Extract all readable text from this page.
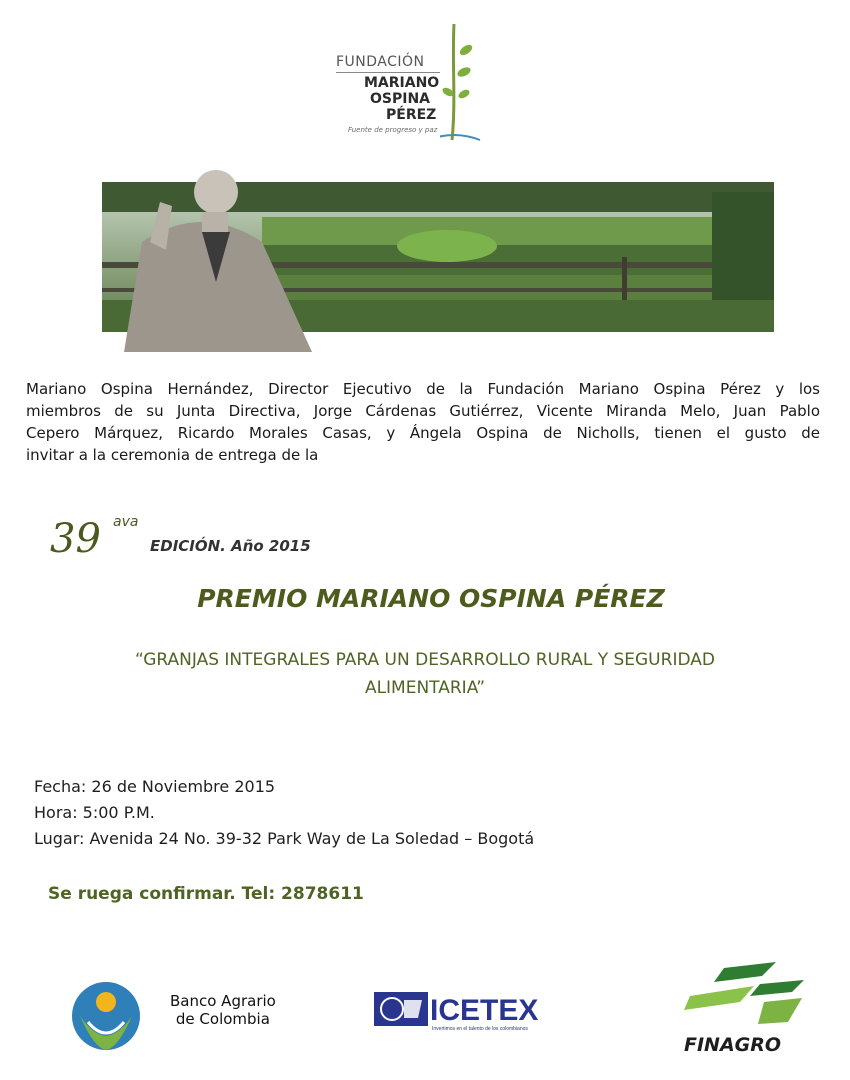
FUNDACIÓN
MARIANO
OSPINA
PÉREZ
Fuente de progreso y paz
Mariano Ospina Hernández, Director Ejecutivo de la Fundación Mariano Ospina Pérez y los
miembros de su Junta Directiva, Jorge Cárdenas Gutiérrez, Vicente Miranda Melo, Juan Pablo
Cepero Márquez, Ricardo Morales Casas, y Ángela Ospina de Nicholls, tienen el gusto de
invitar a la ceremonia de entrega de la
39 ava
EDICIÓN. Año 2015
PREMIO MARIANO OSPINA PÉREZ
“GRANJAS INTEGRALES PARA UN DESARROLLO RURAL Y SEGURIDAD
ALIMENTARIA”
Fecha: 26 de Noviembre 2015
Hora: 5:00 P.M.
Lugar: Avenida 24 No. 39-32 Park Way de La Soledad – Bogotá
Se ruega confirmar. Tel: 2878611
Banco Agrario
de Colombia	ICETEX
Invertimos en el talento de los colombianos
FINAGRO
